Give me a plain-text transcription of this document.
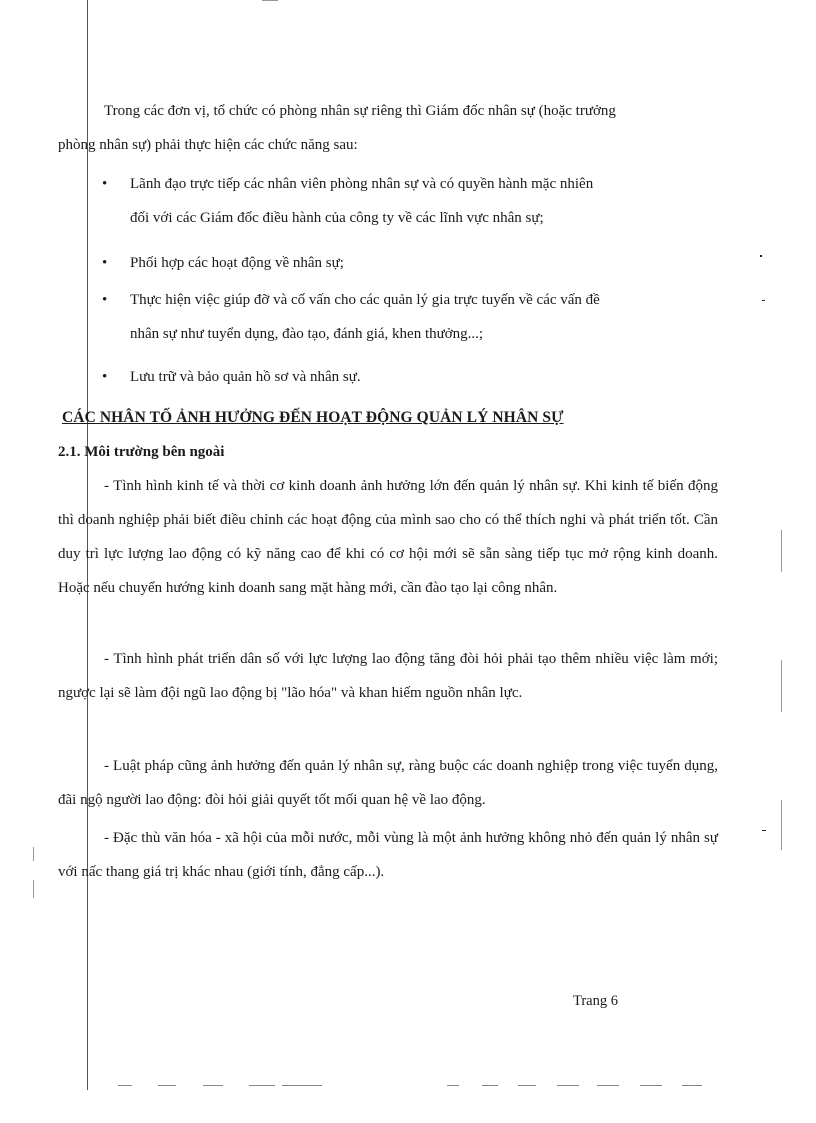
Trong các đơn vị, tổ chức có phòng nhân sự riêng thì Giám đốc nhân sự (hoặc trưởng
phòng nhân sự) phải thực hiện các chức năng sau:
• Lãnh đạo trực tiếp các nhân viên phòng nhân sự và có quyền hành mặc nhiên
đối với các Giám đốc điều hành của công ty về các lĩnh vực nhân sự;
• Phối hợp các hoạt động về nhân sự;
• Thực hiện việc giúp đỡ và cố vấn cho các quản lý gia trực tuyến về các vấn đề
nhân sự như tuyển dụng, đào tạo, đánh giá, khen thưởng...;
• Lưu trữ và bảo quản hồ sơ và nhân sự.
CÁC NHÂN TỐ ẢNH HƯỞNG ĐẾN HOẠT ĐỘNG QUẢN LÝ NHÂN SỰ
2.1. Môi trường bên ngoài
- Tình hình kinh tế và thời cơ kinh doanh ảnh hưởng lớn đến quản lý nhân sự. Khi kinh tế biến động thì doanh nghiệp phải biết điều chỉnh các hoạt động của mình sao cho có thể thích nghi và phát triển tốt. Cần duy trì lực lượng lao động có kỹ năng cao để khi có cơ hội mới sẽ sẵn sàng tiếp tục mở rộng kinh doanh. Hoặc nếu chuyển hướng kinh doanh sang mặt hàng mới, cần đào tạo lại công nhân.
- Tình hình phát triển dân số với lực lượng lao động tăng đòi hỏi phải tạo thêm nhiều việc làm mới; ngược lại sẽ làm đội ngũ lao động bị "lão hóa" và khan hiếm nguồn nhân lực.
- Luật pháp cũng ảnh hưởng đến quản lý nhân sự, ràng buộc các doanh nghiệp trong việc tuyển dụng, đãi ngộ người lao động: đòi hỏi giải quyết tốt mối quan hệ về lao động.
- Đặc thù văn hóa - xã hội của mỗi nước, mỗi vùng là một ảnh hưởng không nhỏ đến quản lý nhân sự với nấc thang giá trị khác nhau (giới tính, đẳng cấp...).
Trang 6
